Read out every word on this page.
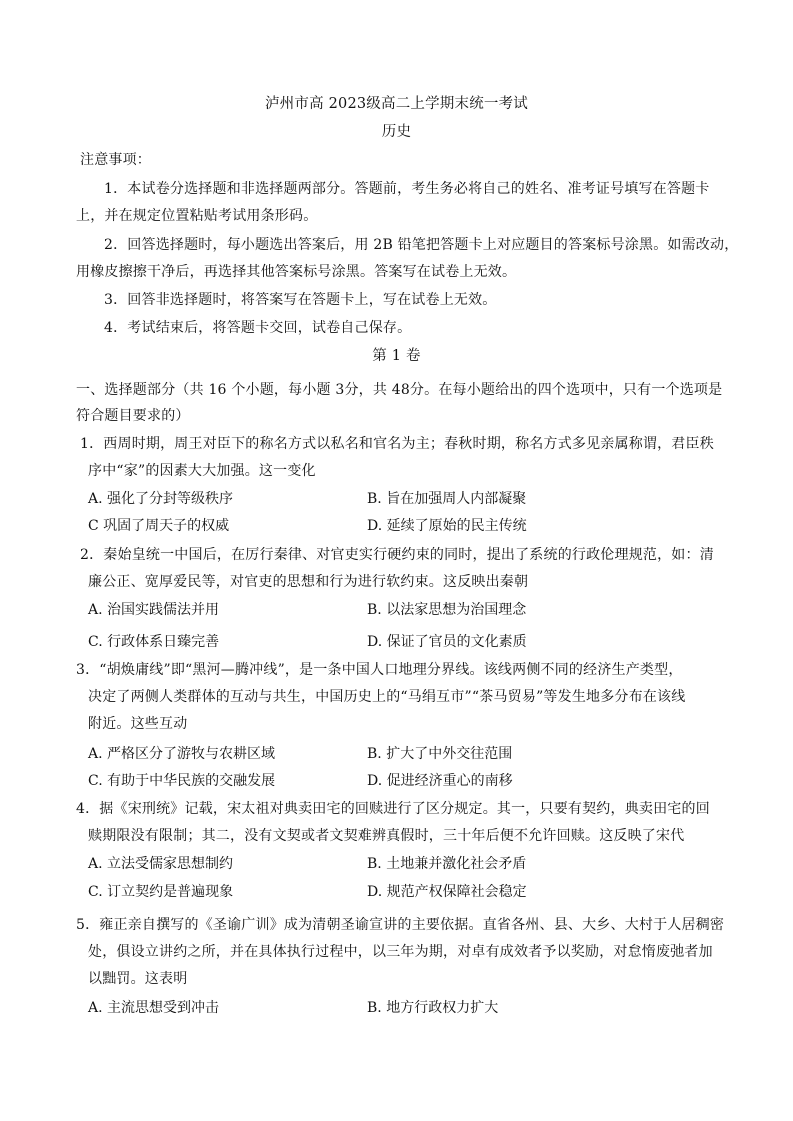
泸州市高 2023级高二上学期末统一考试
历史
注意事项：
1．本试卷分选择题和非选择题两部分。答题前，考生务必将自己的姓名、准考证号填写在答题卡
上，并在规定位置粘贴考试用条形码。
2．回答选择题时，每小题选出答案后，用 2B 铅笔把答题卡上对应题目的答案标号涂黑。如需改动，
用橡皮擦擦干净后，再选择其他答案标号涂黑。答案写在试卷上无效。
3．回答非选择题时，将答案写在答题卡上，写在试卷上无效。
4．考试结束后，将答题卡交回，试卷自己保存。
第 1 卷
一、选择题部分（共 16 个小题，每小题 3分，共 48分。在每小题给出的四个选项中，只有一个选项是
符合题目要求的）
1．西周时期，周王对臣下的称名方式以私名和官名为主；春秋时期，称名方式多见亲属称谓，君臣秩
序中“家”的因素大大加强。这一变化
A. 强化了分封等级秩序	B. 旨在加强周人内部凝聚
C 巩固了周天子的权威	D. 延续了原始的民主传统
2．秦始皇统一中国后，在厉行秦律、对官吏实行硬约束的同时，提出了系统的行政伦理规范，如：清
廉公正、宽厚爱民等，对官吏的思想和行为进行软约束。这反映出秦朝
A. 治国实践儒法并用	B. 以法家思想为治国理念
C. 行政体系日臻完善	D. 保证了官员的文化素质
3．“胡焕庸线”即“黑河—腾冲线”，是一条中国人口地理分界线。该线两侧不同的经济生产类型，
决定了两侧人类群体的互动与共生，中国历史上的“马绢互市”“茶马贸易”等发生地多分布在该线
附近。这些互动
A. 严格区分了游牧与农耕区域	B. 扩大了中外交往范围
C. 有助于中华民族的交融发展	D. 促进经济重心的南移
4．据《宋刑统》记载，宋太祖对典卖田宅的回赎进行了区分规定。其一，只要有契约，典卖田宅的回
赎期限没有限制；其二，没有文契或者文契难辨真假时，三十年后便不允许回赎。这反映了宋代
A. 立法受儒家思想制约	B. 土地兼并激化社会矛盾
C. 订立契约是普遍现象	D. 规范产权保障社会稳定
5．雍正亲自撰写的《圣谕广训》成为清朝圣谕宣讲的主要依据。直省各州、县、大乡、大村于人居稠密
处，俱设立讲约之所，并在具体执行过程中，以三年为期，对卓有成效者予以奖励，对怠惰废弛者加
以黜罚。这表明
A. 主流思想受到冲击	B. 地方行政权力扩大
